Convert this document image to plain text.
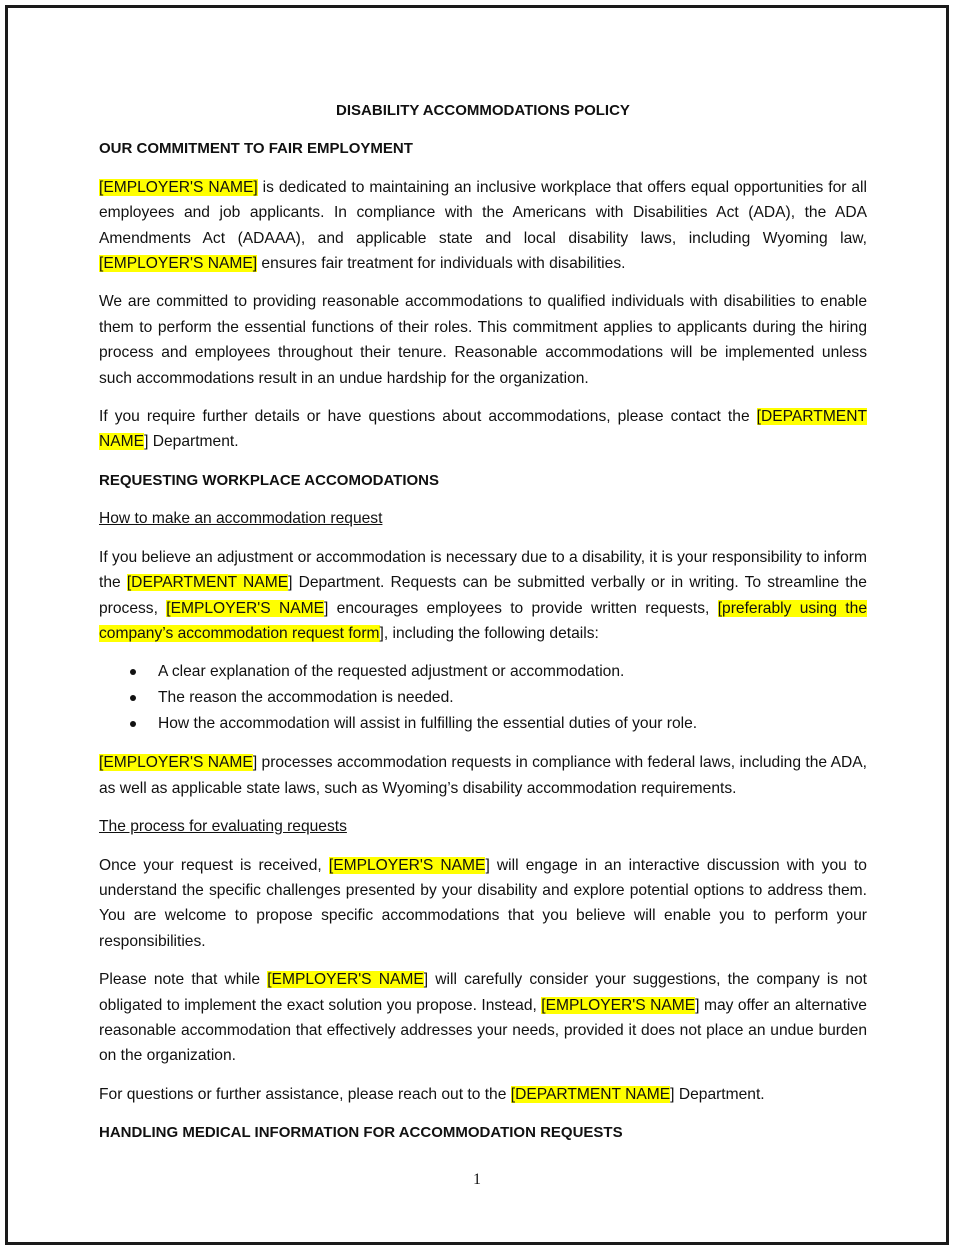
DISABILITY ACCOMMODATIONS POLICY
OUR COMMITMENT TO FAIR EMPLOYMENT

[EMPLOYER'S NAME] is dedicated to maintaining an inclusive workplace that offers equal opportunities for all employees and job applicants. In compliance with the Americans with Disabilities Act (ADA), the ADA Amendments Act (ADAAA), and applicable state and local disability laws, including Wyoming law, [EMPLOYER'S NAME] ensures fair treatment for individuals with disabilities.

We are committed to providing reasonable accommodations to qualified individuals with disabilities to enable them to perform the essential functions of their roles. This commitment applies to applicants during the hiring process and employees throughout their tenure. Reasonable accommodations will be implemented unless such accommodations result in an undue hardship for the organization.

If you require further details or have questions about accommodations, please contact the [DEPARTMENT NAME] Department.

REQUESTING WORKPLACE ACCOMODATIONS
How to make an accommodation request

If you believe an adjustment or accommodation is necessary due to a disability, it is your responsibility to inform the [DEPARTMENT NAME] Department. Requests can be submitted verbally or in writing. To streamline the process, [EMPLOYER'S NAME] encourages employees to provide written requests, [preferably using the company’s accommodation request form], including the following details:

A clear explanation of the requested adjustment or accommodation.
The reason the accommodation is needed.
How the accommodation will assist in fulfilling the essential duties of your role.

[EMPLOYER'S NAME] processes accommodation requests in compliance with federal laws, including the ADA, as well as applicable state laws, such as Wyoming’s disability accommodation requirements.

The process for evaluating requests

Once your request is received, [EMPLOYER'S NAME] will engage in an interactive discussion with you to understand the specific challenges presented by your disability and explore potential options to address them. You are welcome to propose specific accommodations that you believe will enable you to perform your responsibilities.

Please note that while [EMPLOYER'S NAME] will carefully consider your suggestions, the company is not obligated to implement the exact solution you propose. Instead, [EMPLOYER'S NAME] may offer an alternative reasonable accommodation that effectively addresses your needs, provided it does not place an undue burden on the organization.

For questions or further assistance, please reach out to the [DEPARTMENT NAME] Department.

HANDLING MEDICAL INFORMATION FOR ACCOMMODATION REQUESTS
1
